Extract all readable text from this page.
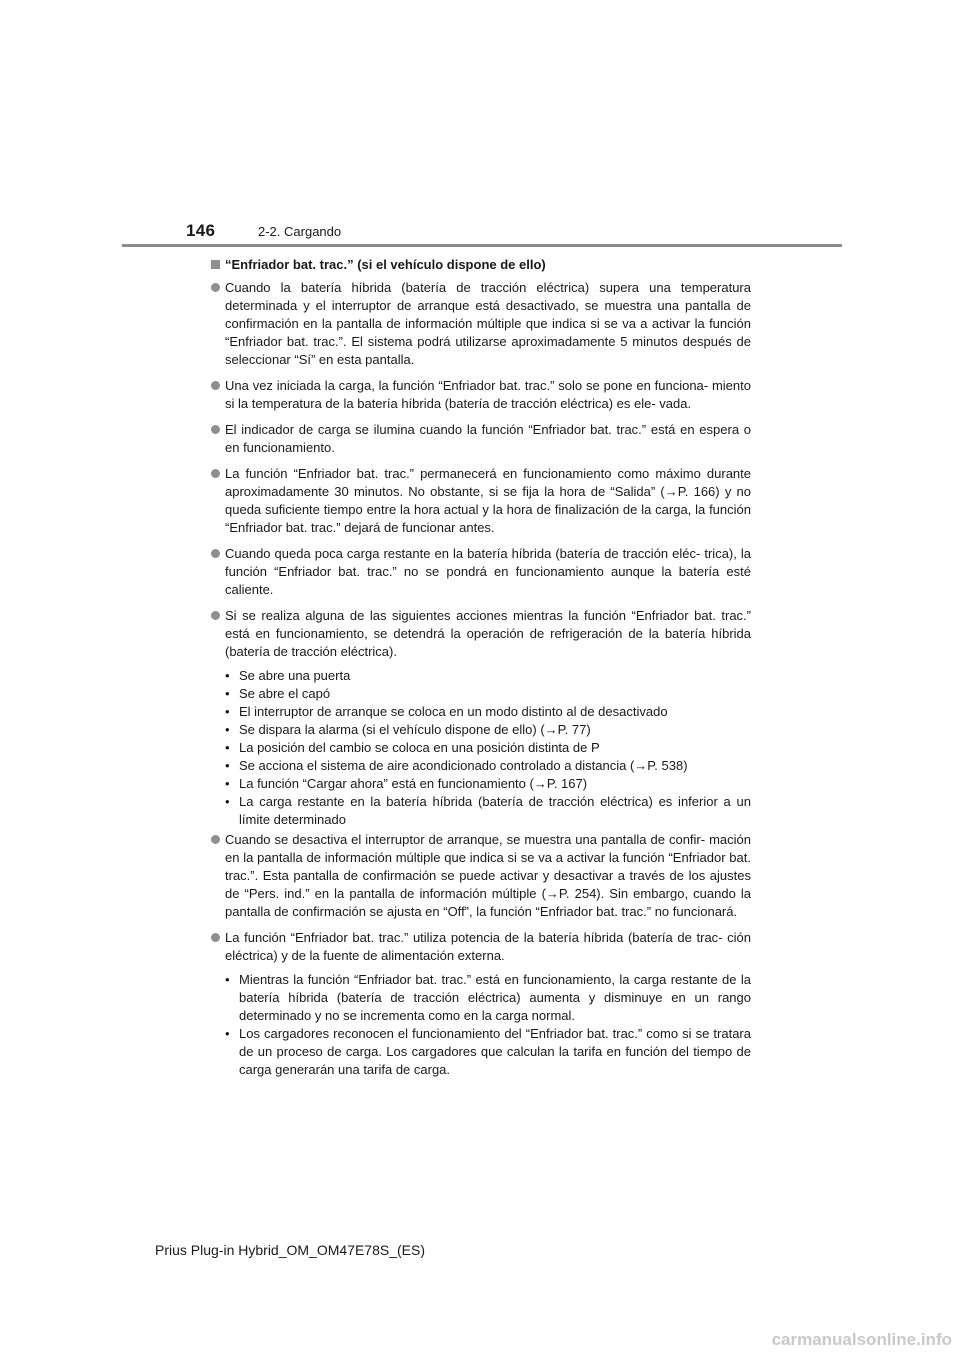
146	2-2. Cargando
“Enfriador bat. trac.” (si el vehículo dispone de ello)
Cuando la batería híbrida (batería de tracción eléctrica) supera una temperatura determinada y el interruptor de arranque está desactivado, se muestra una pantalla de confirmación en la pantalla de información múltiple que indica si se va a activar la función “Enfriador bat. trac.”. El sistema podrá utilizarse aproximadamente 5 minutos después de seleccionar “Sí” en esta pantalla.
Una vez iniciada la carga, la función “Enfriador bat. trac.” solo se pone en funciona- miento si la temperatura de la batería híbrida (batería de tracción eléctrica) es ele- vada.
El indicador de carga se ilumina cuando la función “Enfriador bat. trac.” está en espera o en funcionamiento.
La función “Enfriador bat. trac.” permanecerá en funcionamiento como máximo durante aproximadamente 30 minutos. No obstante, si se fija la hora de “Salida” (→P. 166) y no queda suficiente tiempo entre la hora actual y la hora de finalización de la carga, la función “Enfriador bat. trac.” dejará de funcionar antes.
Cuando queda poca carga restante en la batería híbrida (batería de tracción eléc- trica), la función “Enfriador bat. trac.” no se pondrá en funcionamiento aunque la batería esté caliente.
Si se realiza alguna de las siguientes acciones mientras la función “Enfriador bat. trac.” está en funcionamiento, se detendrá la operación de refrigeración de la batería híbrida (batería de tracción eléctrica).
• Se abre una puerta
• Se abre el capó
• El interruptor de arranque se coloca en un modo distinto al de desactivado
• Se dispara la alarma (si el vehículo dispone de ello) (→P. 77)
• La posición del cambio se coloca en una posición distinta de P
• Se acciona el sistema de aire acondicionado controlado a distancia (→P. 538)
• La función “Cargar ahora” está en funcionamiento (→P. 167)
• La carga restante en la batería híbrida (batería de tracción eléctrica) es inferior a un límite determinado
Cuando se desactiva el interruptor de arranque, se muestra una pantalla de confir- mación en la pantalla de información múltiple que indica si se va a activar la función “Enfriador bat. trac.”. Esta pantalla de confirmación se puede activar y desactivar a través de los ajustes de “Pers. ind.” en la pantalla de información múltiple (→P. 254). Sin embargo, cuando la pantalla de confirmación se ajusta en “Off”, la función “Enfriador bat. trac.” no funcionará.
La función “Enfriador bat. trac.” utiliza potencia de la batería híbrida (batería de trac- ción eléctrica) y de la fuente de alimentación externa.
• Mientras la función “Enfriador bat. trac.” está en funcionamiento, la carga restante de la batería híbrida (batería de tracción eléctrica) aumenta y disminuye en un rango determinado y no se incrementa como en la carga normal.
• Los cargadores reconocen el funcionamiento del “Enfriador bat. trac.” como si se tratara de un proceso de carga. Los cargadores que calculan la tarifa en función del tiempo de carga generarán una tarifa de carga.
Prius Plug-in Hybrid_OM_OM47E78S_(ES)
carmanualsonline.info
